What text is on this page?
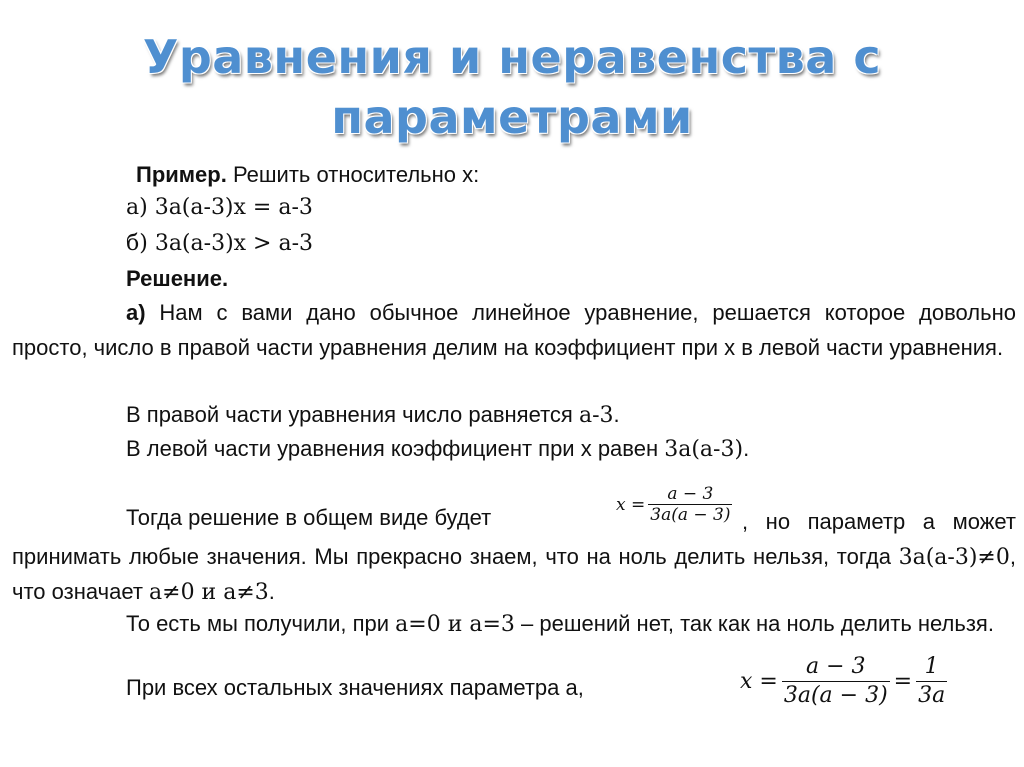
Уравнения и неравенства с
параметрами
Пример. Решить относительно x:
а) 3а(а-3)x = а-3
б) 3а(а-3)x > а-3
Решение.
а) Нам с вами дано обычное линейное уравнение, решается которое довольно просто, число в правой части уравнения делим на коэффициент при x в левой части уравнения.
В правой части уравнения число равняется а-3.
В левой части уравнения коэффициент при x равен 3а(а-3).
Тогда решение в общем виде будет
$x = \frac{a - 3}{3a(a - 3)}$ , но параметр а может принимать любые значения. Мы прекрасно знаем, что на ноль делить нельзя, тогда 3а(а-3)≠0, что означает а≠0 и а≠3.
То есть мы получили, при а=0 и а=3 – решений нет, так как на ноль делить нельзя.
При всех остальных значениях параметра а,	$x = \frac{a - 3}{3a(a - 3)} = \frac{1}{3a}$
